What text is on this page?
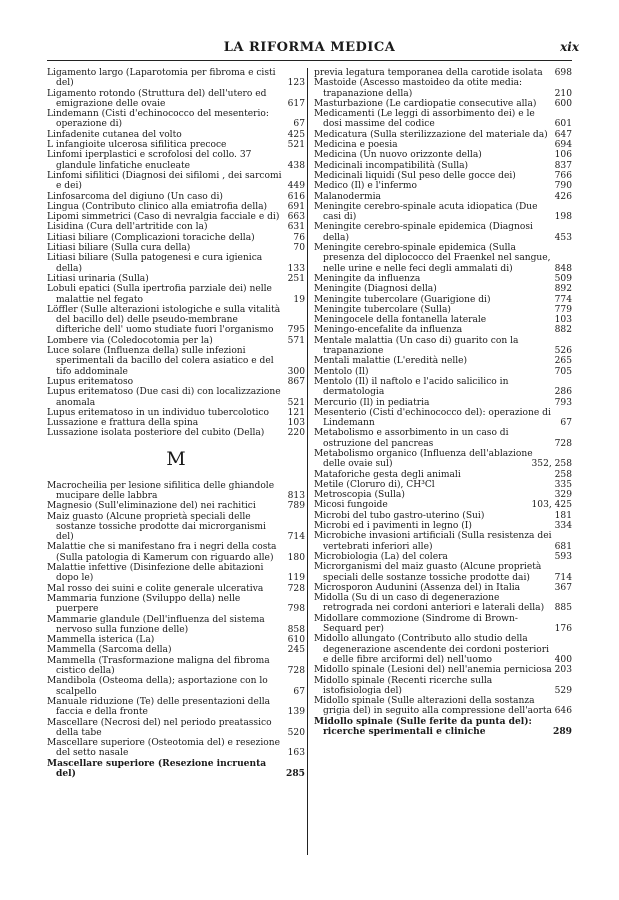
LA RIFORMA MEDICA	xix
Ligamento largo (Laparotomia per fibroma e cisti del)	123
Ligamento rotondo (Struttura del) dell'utero ed emigrazione delle ovaie	617
Lindemann (Cisti d'echinococco del mesenterio: operazione di)	67
Linfadenite cutanea del volto	425
L infangioite ulcerosa sifilitica precoce	521
Linfomi iperplastici e scrofolosi del collo. 37 glandule linfatiche enucleate	438
Linfomi sifilitici (Diagnosi dei sifilomi , dei sarcomi e dei)	449
Linfosarcoma del digiuno (Un caso di)	616
Lingua (Contributo clinico alla emiatrofia della) 691
Lipomi simmetrici (Caso di nevralgia facciale e di) 663
Lisidina (Cura dell'artritide con la)	631
Litiasi biliare (Complicazioni toraciche della)	76
Litiasi biliare (Sulla cura della)	70
Litiasi biliare (Sulla patogenesi e cura igienica della)	133
Litiasi urinaria (Sulla)	251
Lobuli epatici (Sulla ipertrofia parziale dei) nelle malattie nel fegato	19
Löffler (Sulle alterazioni istologiche e sulla vitalità del bacillo del) delle pseudo-membrane difteriche dell' uomo studiate fuori l'organismo 795
Lombere via (Coledocotomia per la)	571
Luce solare (Influenza della) sulle infezioni sperimentali da bacillo del colera asiatico e del tifo addominale	300
Lupus eritematoso	867
Lupus eritematoso (Due casi di) con localizzazione anomala	521
Lupus eritematoso in un individuo tubercolotico 121
Lussazione e frattura della spina	103
Lussazione isolata posteriore del cubito (Della)	220
M
Macrocheilia per lesione sifilitica delle ghiandole mucipare delle labbra	813
Magnesio (Sull'eliminazione del) nei rachitici	789
Maiz guasto (Alcune proprietà speciali delle sostanze tossiche prodotte dai microrganismi del)	714
Malattie che si manifestano fra i negri della costa (Sulla patologia di Kamerum con riguardo alle) 180
Malattie infettive (Disinfezione delle abitazioni dopo le)	119
Mal rosso dei suini e colite generale ulcerativa	728
Mammaria funzione (Sviluppo della) nelle puerpere	798
Mammarie glandule (Dell'influenza del sistema nervoso sulla funzione delle)	858
Mammella isterica (La)	610
Mammella (Sarcoma della)	245
Mammella (Trasformazione maligna del fibroma cistico della)	728
Mandibola (Osteoma della); asportazione con lo scalpello	67
Manuale riduzione (Te) delle presentazioni della faccia e della fronte	139
Mascellare (Necrosi del) nel periodo preatassico della tabe	520
Mascellare superiore (Osteotomia del) e resezione del setto nasale	163
Mascellare superiore (Resezione incruenta del)	285
previa legatura temporanea della carotide isolata 698
Mastoide (Ascesso mastoideo da otite media: trapanazione della)	210
Masturbazione (Le cardiopatie consecutive alla) 600
Medicamenti (Le leggi di assorbimento dei) e le dosi massime del codice	601
Medicatura (Sulla sterilizzazione del materiale da) 647
Medicina e poesia	694
Medicina (Un nuovo orizzonte della)	106
Medicinali incompatibilità (Sulla)	837
Medicinali liquidi (Sul peso delle gocce dei)	766
Medico (Il) e l'infermo	790
Malanodermia	426
Meningite cerebro-spinale acuta idiopatica (Due casi di)	198
Meningite cerebro-spinale epidemica (Diagnosi della)	453
Meningite cerebro-spinale epidemica (Sulla presenza del diplococco del Fraenkel nel sangue, nelle urine e nelle feci degli ammalati di)	848
Meningite da influenza	509
Meningite (Diagnosi della)	892
Meningite tubercolare (Guarigione di)	774
Meningite tubercolare (Sulla)	779
Meningocele della fontanella laterale	103
Meningo-encefalite da influenza	882
Mentale malattia (Un caso di) guarito con la trapanazione	526
Mentali malattie (L'eredità nelle)	265
Mentolo (Il)	705
Mentolo (Il) il naftolo e l'acido salicilico in dermatologia	286
Mercurio (Il) in pediatria	793
Mesenterio (Cisti d'echinococco del): operazione di Lindemann	67
Metabolismo e assorbimento in un caso di ostruzione del pancreas	728
Metabolismo organico (Influenza dell'ablazione delle ovaie sul)	352, 258
Mataforiche gesta degli animali	258
Metile (Cloruro di), CH³Cl	335
Metroscopia (Sulla)	329
Micosi fungoide	103, 425
Microbi del tubo gastro-uterino (Sui)	181
Microbi ed i pavimenti in legno (I)	334
Microbiche invasioni artificiali (Sulla resistenza dei vertebrati inferiori alle)	681
Microbiologia (La) del colera	593
Microrganismi del maiz guasto (Alcune proprietà speciali delle sostanze tossiche prodotte dai)	714
Microsporon Audunini (Assenza del) in Italia	367
Midolla (Su di un caso di degenerazione retrograda nei cordoni anteriori e laterali della) 885
Midollare commozione (Sindrome di Brown-Sequard per)	176
Midollo allungato (Contributo allo studio della degenerazione ascendente dei cordoni posteriori e delle fibre arciformi del) nell'uomo	400
Midollo spinale (Lesioni del) nell'anemia perniciosa 203
Midollo spinale (Recenti ricerche sulla istofisiologia del)	529
Midollo spinale (Sulle alterazioni della sostanza grigia del) in seguito alla compressione dell'aorta 646
Midollo spinale (Sulle ferite da punta del): ricerche sperimentali e cliniche	289
